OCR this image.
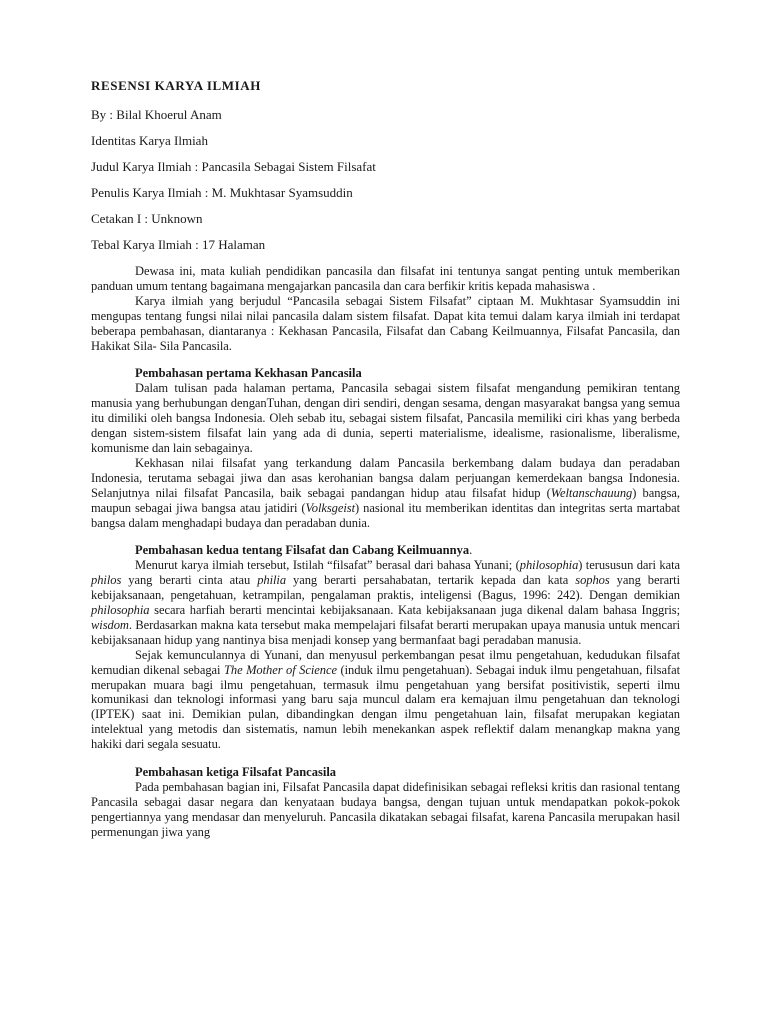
RESENSI KARYA ILMIAH
By : Bilal Khoerul Anam
Identitas Karya Ilmiah
Judul Karya Ilmiah : Pancasila Sebagai Sistem Filsafat
Penulis Karya Ilmiah : M. Mukhtasar Syamsuddin
Cetakan I : Unknown
Tebal Karya Ilmiah : 17 Halaman

Dewasa ini, mata kuliah pendidikan pancasila dan filsafat ini tentunya sangat penting untuk memberikan panduan umum tentang bagaimana mengajarkan pancasila dan cara berfikir kritis kepada mahasiswa .

Karya ilmiah yang berjudul “Pancasila sebagai Sistem Filsafat” ciptaan M. Mukhtasar Syamsuddin ini mengupas tentang fungsi nilai nilai pancasila dalam sistem filsafat. Dapat kita temui dalam karya ilmiah ini terdapat beberapa pembahasan, diantaranya : Kekhasan Pancasila, Filsafat dan Cabang Keilmuannya, Filsafat Pancasila, dan Hakikat Sila- Sila Pancasila.

Pembahasan pertama Kekhasan Pancasila

Dalam tulisan pada halaman pertama, Pancasila sebagai sistem filsafat mengandung pemikiran tentang manusia yang berhubungan denganTuhan, dengan diri sendiri, dengan sesama, dengan masyarakat bangsa yang semua itu dimiliki oleh bangsa Indonesia. Oleh sebab itu, sebagai sistem filsafat, Pancasila memiliki ciri khas yang berbeda dengan sistem-sistem filsafat lain yang ada di dunia, seperti materialisme, idealisme, rasionalisme, liberalisme, komunisme dan lain sebagainya.

Kekhasan nilai filsafat yang terkandung dalam Pancasila berkembang dalam budaya dan peradaban Indonesia, terutama sebagai jiwa dan asas kerohanian bangsa dalam perjuangan kemerdekaan bangsa Indonesia. Selanjutnya nilai filsafat Pancasila, baik sebagai pandangan hidup atau filsafat hidup (Weltanschauung) bangsa, maupun sebagai jiwa bangsa atau jatidiri (Volksgeist) nasional itu memberikan identitas dan integritas serta martabat bangsa dalam menghadapi budaya dan peradaban dunia.

Pembahasan kedua tentang Filsafat dan Cabang Keilmuannya.

Menurut karya ilmiah tersebut, Istilah “filsafat” berasal dari bahasa Yunani; (philosophia) terususun dari kata philos yang berarti cinta atau philia yang berarti persahabatan, tertarik kepada dan kata sophos yang berarti kebijaksanaan, pengetahuan, ketrampilan, pengalaman praktis, inteligensi (Bagus, 1996: 242). Dengan demikian philosophia secara harfiah berarti mencintai kebijaksanaan. Kata kebijaksanaan juga dikenal dalam bahasa Inggris; wisdom. Berdasarkan makna kata tersebut maka mempelajari filsafat berarti merupakan upaya manusia untuk mencari kebijaksanaan hidup yang nantinya bisa menjadi konsep yang bermanfaat bagi peradaban manusia.

Sejak kemunculannya di Yunani, dan menyusul perkembangan pesat ilmu pengetahuan, kedudukan filsafat kemudian dikenal sebagai The Mother of Science (induk ilmu pengetahuan). Sebagai induk ilmu pengetahuan, filsafat merupakan muara bagi ilmu pengetahuan, termasuk ilmu pengetahuan yang bersifat positivistik, seperti ilmu komunikasi dan teknologi informasi yang baru saja muncul dalam era kemajuan ilmu pengetahuan dan teknologi (IPTEK) saat ini. Demikian pulan, dibandingkan dengan ilmu pengetahuan lain, filsafat merupakan kegiatan intelektual yang metodis dan sistematis, namun lebih menekankan aspek reflektif dalam menangkap makna yang hakiki dari segala sesuatu.

Pembahasan ketiga Filsafat Pancasila

Pada pembahasan bagian ini, Filsafat Pancasila dapat didefinisikan sebagai refleksi kritis dan rasional tentang Pancasila sebagai dasar negara dan kenyataan budaya bangsa, dengan tujuan untuk mendapatkan pokok-pokok pengertiannya yang mendasar dan menyeluruh. Pancasila dikatakan sebagai filsafat, karena Pancasila merupakan hasil permenungan jiwa yang
